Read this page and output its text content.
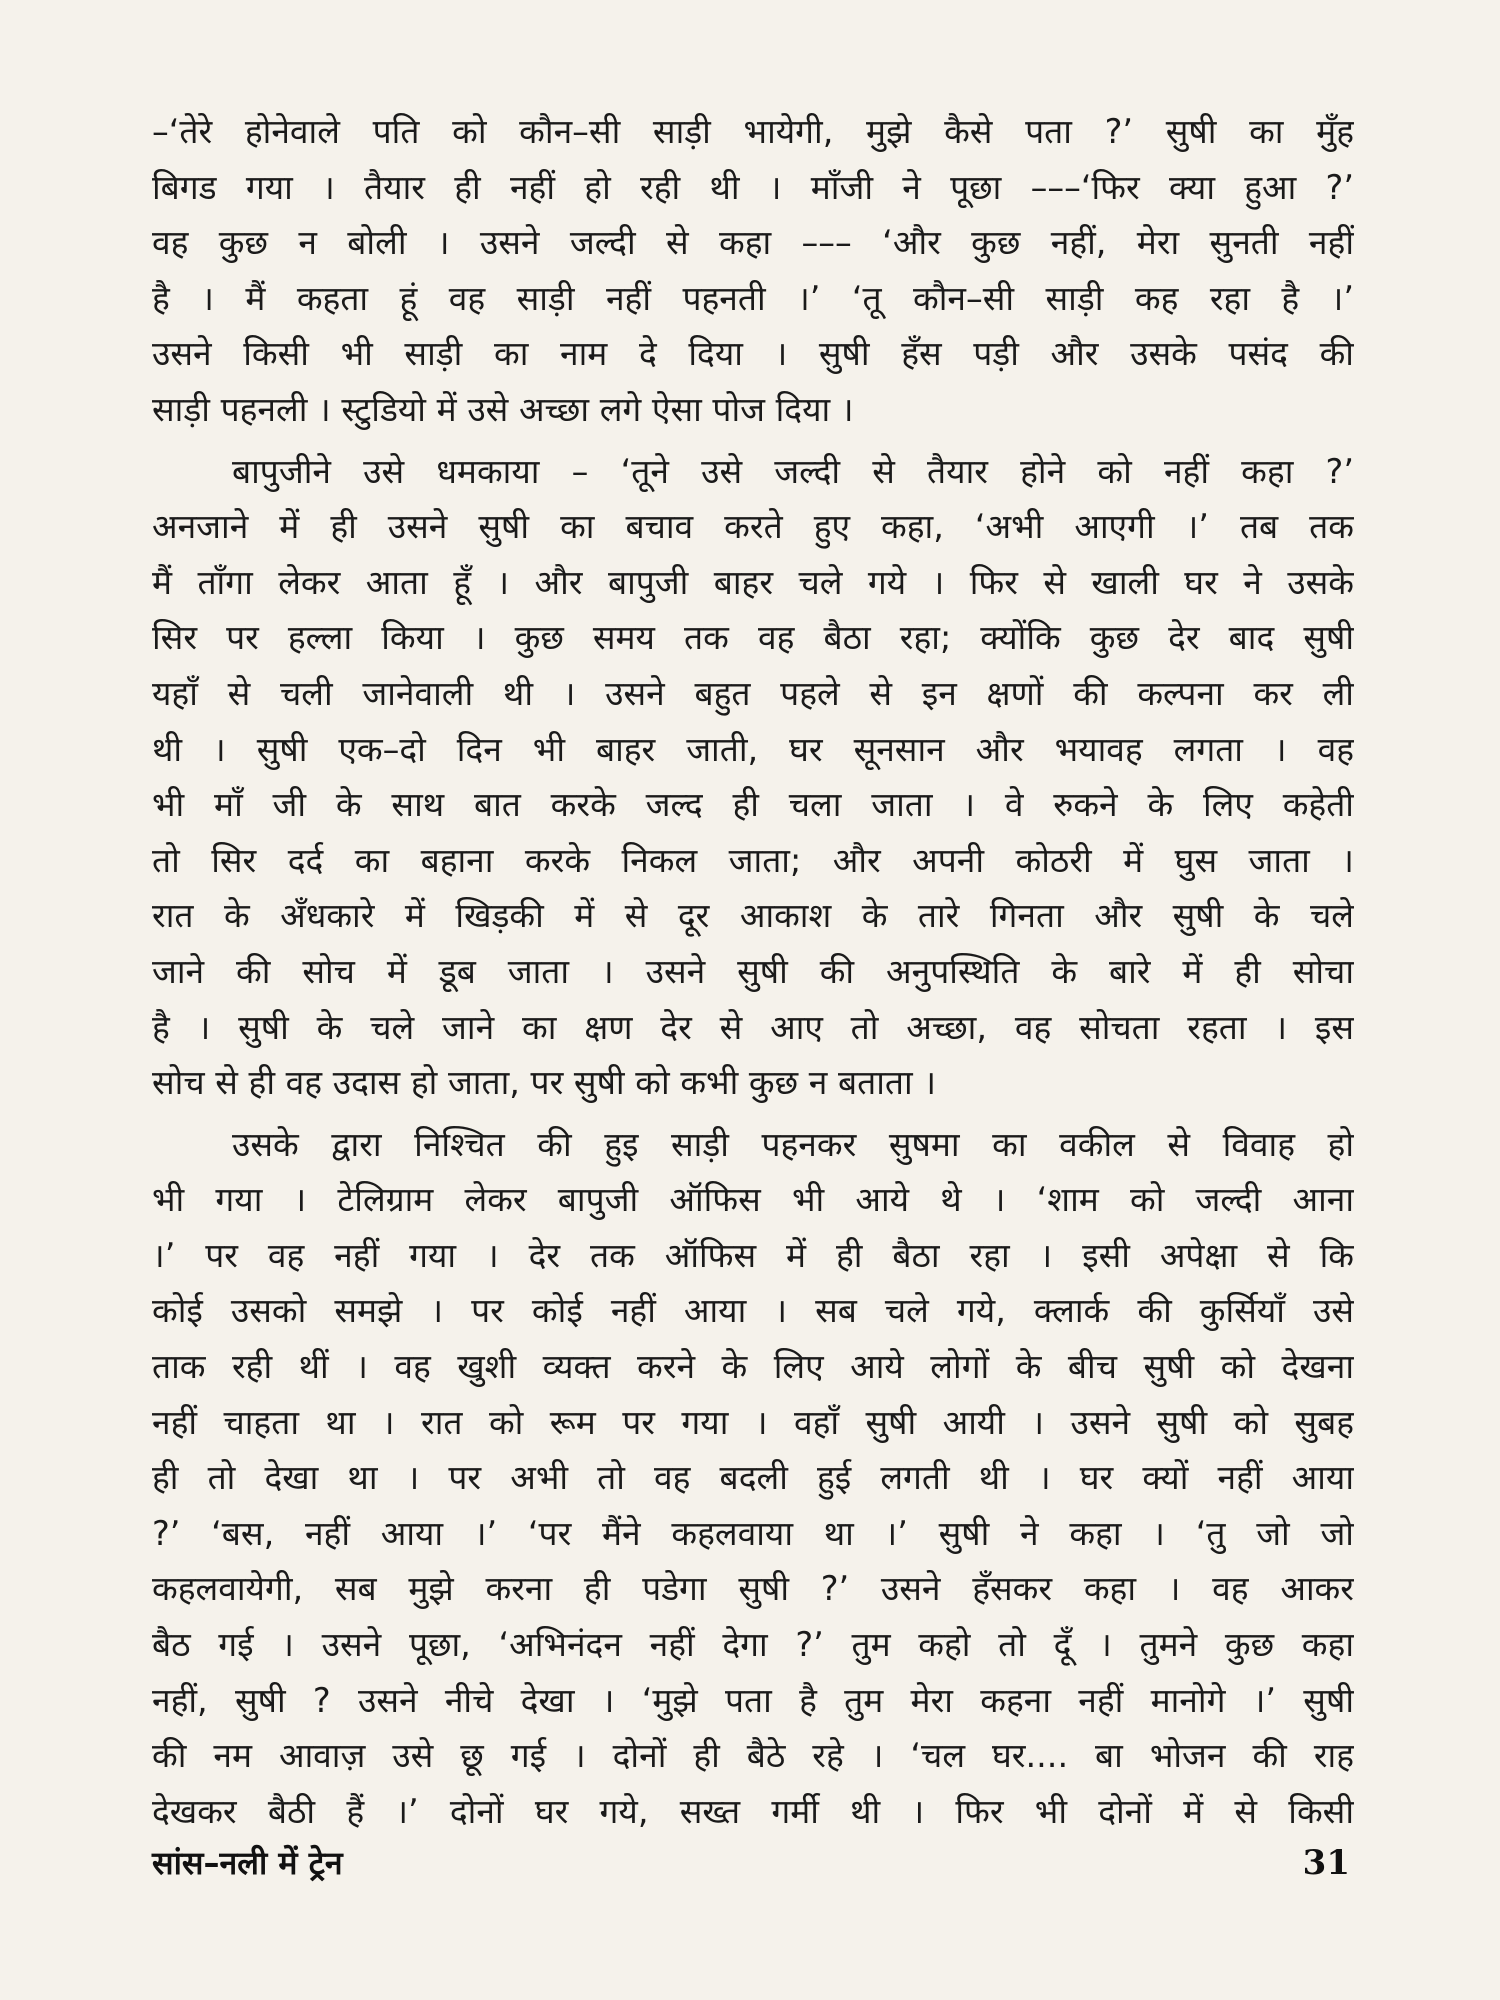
–‘तेरे होनेवाले पति को कौन–सी साड़ी भायेगी, मुझे कैसे पता ?’ सुषी का मुँह
बिगड गया । तैयार ही नहीं हो रही थी । माँजी ने पूछा –––‘फिर क्या हुआ ?’
वह कुछ न बोली । उसने जल्दी से कहा ––– ‘और कुछ नहीं, मेरा सुनती नहीं
है । मैं कहता हूं वह साड़ी नहीं पहनती ।’ ‘तू कौन–सी साड़ी कह रहा है ।’
उसने किसी भी साड़ी का नाम दे दिया । सुषी हँस पड़ी और उसके पसंद की
साड़ी पहनली । स्टुडियो में उसे अच्छा लगे ऐसा पोज दिया ।
बापुजीने उसे धमकाया – ‘तूने उसे जल्दी से तैयार होने को नहीं कहा ?’
अनजाने में ही उसने सुषी का बचाव करते हुए कहा, ‘अभी आएगी ।’ तब तक
मैं ताँगा लेकर आता हूँ । और बापुजी बाहर चले गये । फिर से खाली घर ने उसके
सिर पर हल्ला किया । कुछ समय तक वह बैठा रहा; क्योंकि कुछ देर बाद सुषी
यहाँ से चली जानेवाली थी । उसने बहुत पहले से इन क्षणों की कल्पना कर ली
थी । सुषी एक–दो दिन भी बाहर जाती, घर सूनसान और भयावह लगता । वह
भी माँ जी के साथ बात करके जल्द ही चला जाता । वे रुकने के लिए कहेती
तो सिर दर्द का बहाना करके निकल जाता; और अपनी कोठरी में घुस जाता ।
रात के अँधकारे में खिड़की में से दूर आकाश के तारे गिनता और सुषी के चले
जाने की सोच में डूब जाता । उसने सुषी की अनुपस्थिति के बारे में ही सोचा
है । सुषी के चले जाने का क्षण देर से आए तो अच्छा, वह सोचता रहता । इस
सोच से ही वह उदास हो जाता, पर सुषी को कभी कुछ न बताता ।
उसके द्वारा निश्चित की हुइ साड़ी पहनकर सुषमा का वकील से विवाह हो
भी गया । टेलिग्राम लेकर बापुजी ऑफिस भी आये थे । ‘शाम को जल्दी आना
।’ पर वह नहीं गया । देर तक ऑफिस में ही बैठा रहा । इसी अपेक्षा से कि
कोई उसको समझे । पर कोई नहीं आया । सब चले गये, क्लार्क की कुर्सियाँ उसे
ताक रही थीं । वह खुशी व्यक्त करने के लिए आये लोगों के बीच सुषी को देखना
नहीं चाहता था । रात को रूम पर गया । वहाँ सुषी आयी । उसने सुषी को सुबह
ही तो देखा था । पर अभी तो वह बदली हुई लगती थी । घर क्यों नहीं आया
?’ ‘बस, नहीं आया ।’ ‘पर मैंने कहलवाया था ।’ सुषी ने कहा । ‘तु जो जो
कहलवायेगी, सब मुझे करना ही पडेगा सुषी ?’ उसने हँसकर कहा । वह आकर
बैठ गई । उसने पूछा, ‘अभिनंदन नहीं देगा ?’ तुम कहो तो दूँ । तुमने कुछ कहा
नहीं, सुषी ? उसने नीचे देखा । ‘मुझे पता है तुम मेरा कहना नहीं मानोगे ।’ सुषी
की नम आवाज़ उसे छू गई । दोनों ही बैठे रहे । ‘चल घर.... बा भोजन की राह
देखकर बैठी हैं ।’ दोनों घर गये, सख्त गर्मी थी । फिर भी दोनों में से किसी
सांस–नली में ट्रेन	31
